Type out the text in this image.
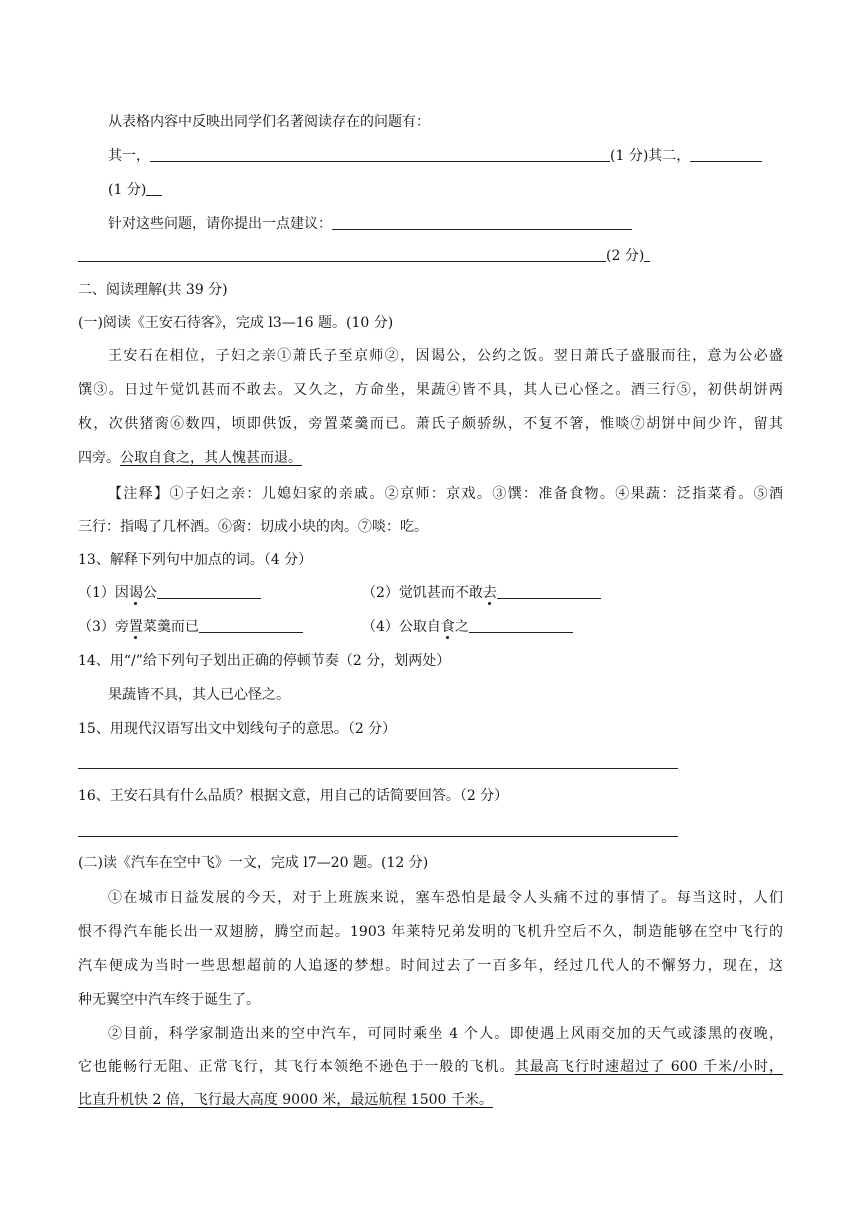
从表格内容中反映出同学们名著阅读存在的问题有：
其一，	(1 分)其二，
(1 分)
针对这些问题，请你提出一点建议：
(2 分)
二、阅读理解(共 39 分)
(一)阅读《王安石待客》，完成 l3—16 题。(10 分)
王安石在相位，子妇之亲①萧氏子至京师②，因谒公，公约之饭。翌日萧氏子盛服而往，意为公必盛
馔③。日过午觉饥甚而不敢去。又久之，方命坐，果蔬④皆不具，其人已心怪之。酒三行⑤，初供胡饼两
枚，次供猪脔⑥数四，顷即供饭，旁置菜羹而已。萧氏子颇骄纵，不复不箸，惟啖⑦胡饼中间少许，留其
四旁。公取自食之，其人愧甚而退。
【注释】①子妇之亲：儿媳妇家的亲戚。②京师：京戏。③馔：准备食物。④果蔬：泛指菜肴。⑤酒
三行：指喝了几杯酒。⑥脔：切成小块的肉。⑦啖：吃。
13、解释下列句中加点的词。（4 分）
（1）因谒公	（2）觉饥甚而不敢去
（3）旁置菜羹而已	（4）公取自食之
14、用“/”给下列句子划出正确的停顿节奏（2 分，划两处）
果蔬皆不具，其人已心怪之。
15、用现代汉语写出文中划线句子的意思。（2 分）
16、王安石具有什么品质？根据文意，用自己的话简要回答。（2 分）
(二)读《汽车在空中飞》一文，完成 l7—20 题。(12 分)
①在城市日益发展的今天，对于上班族来说，塞车恐怕是最令人头痛不过的事情了。每当这时，人们
恨不得汽车能长出一双翅膀，腾空而起。1903 年莱特兄弟发明的飞机升空后不久，制造能够在空中飞行的
汽车便成为当时一些思想超前的人追逐的梦想。时间过去了一百多年，经过几代人的不懈努力，现在，这
种无翼空中汽车终于诞生了。
②目前，科学家制造出来的空中汽车，可同时乘坐 4 个人。即使遇上风雨交加的天气或漆黑的夜晚，
它也能畅行无阻、正常飞行，其飞行本领绝不逊色于一般的飞机。其最高飞行时速超过了 600 千米/小时，
比直升机快 2 倍，飞行最大高度 9000 米，最远航程 1500 千米。
